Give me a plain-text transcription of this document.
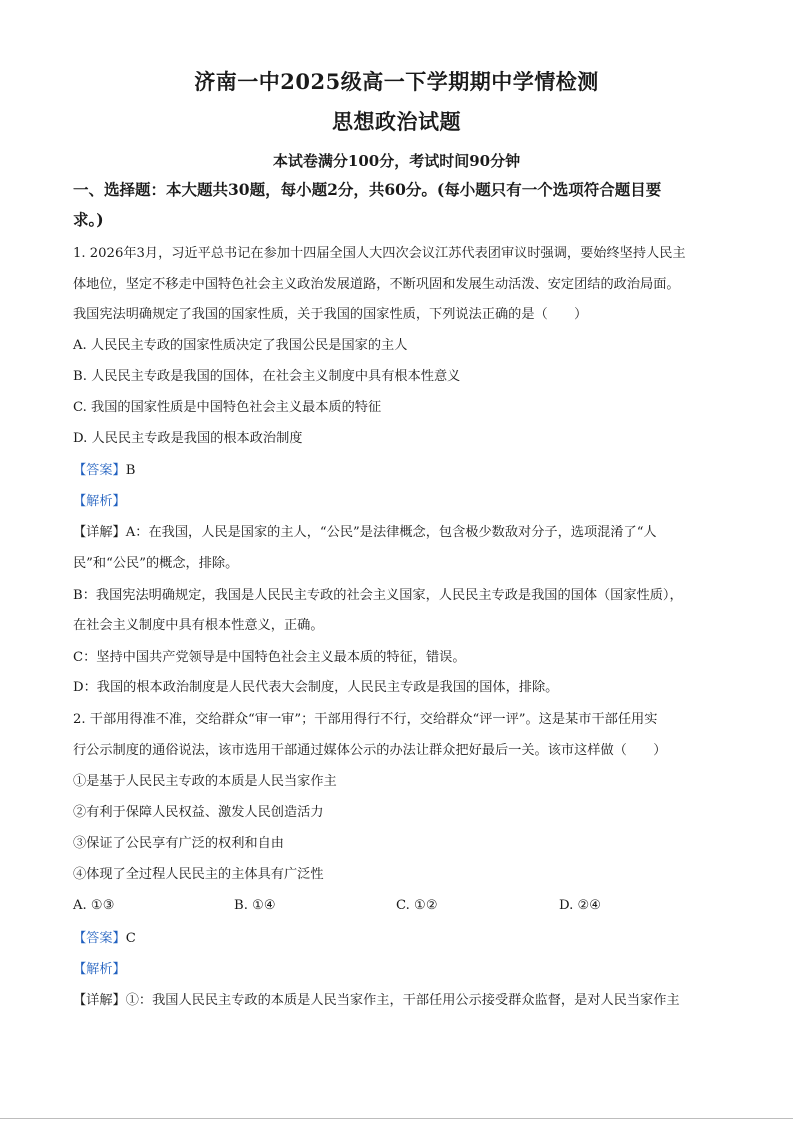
济南一中2025级高一下学期期中学情检测
思想政治试题
本试卷满分100分，考试时间90分钟
一、选择题：本大题共30题，每小题2分，共60分。(每小题只有一个选项符合题目要
求。)
1. 2026年3月，习近平总书记在参加十四届全国人大四次会议江苏代表团审议时强调，要始终坚持人民主
体地位，坚定不移走中国特色社会主义政治发展道路，不断巩固和发展生动活泼、安定团结的政治局面。
我国宪法明确规定了我国的国家性质，关于我国的国家性质，下列说法正确的是（　　）
A. 人民民主专政的国家性质决定了我国公民是国家的主人
B. 人民民主专政是我国的国体，在社会主义制度中具有根本性意义
C. 我国的国家性质是中国特色社会主义最本质的特征
D. 人民民主专政是我国的根本政治制度
【答案】B
【解析】
【详解】A：在我国，人民是国家的主人，“公民”是法律概念，包含极少数敌对分子，选项混淆了“人
民”和“公民”的概念，排除。
B：我国宪法明确规定，我国是人民民主专政的社会主义国家，人民民主专政是我国的国体（国家性质），
在社会主义制度中具有根本性意义，正确。
C：坚持中国共产党领导是中国特色社会主义最本质的特征，错误。
D：我国的根本政治制度是人民代表大会制度，人民民主专政是我国的国体，排除。
2. 干部用得准不准，交给群众“审一审”；干部用得行不行，交给群众“评一评”。这是某市干部任用实
行公示制度的通俗说法，该市选用干部通过媒体公示的办法让群众把好最后一关。该市这样做（　　）
①是基于人民民主专政的本质是人民当家作主
②有利于保障人民权益、激发人民创造活力
③保证了公民享有广泛的权利和自由
④体现了全过程人民民主的主体具有广泛性
A. ①③	B. ①④	C. ①②	D. ②④
【答案】C
【解析】
【详解】①：我国人民民主专政的本质是人民当家作主，干部任用公示接受群众监督，是对人民当家作主
